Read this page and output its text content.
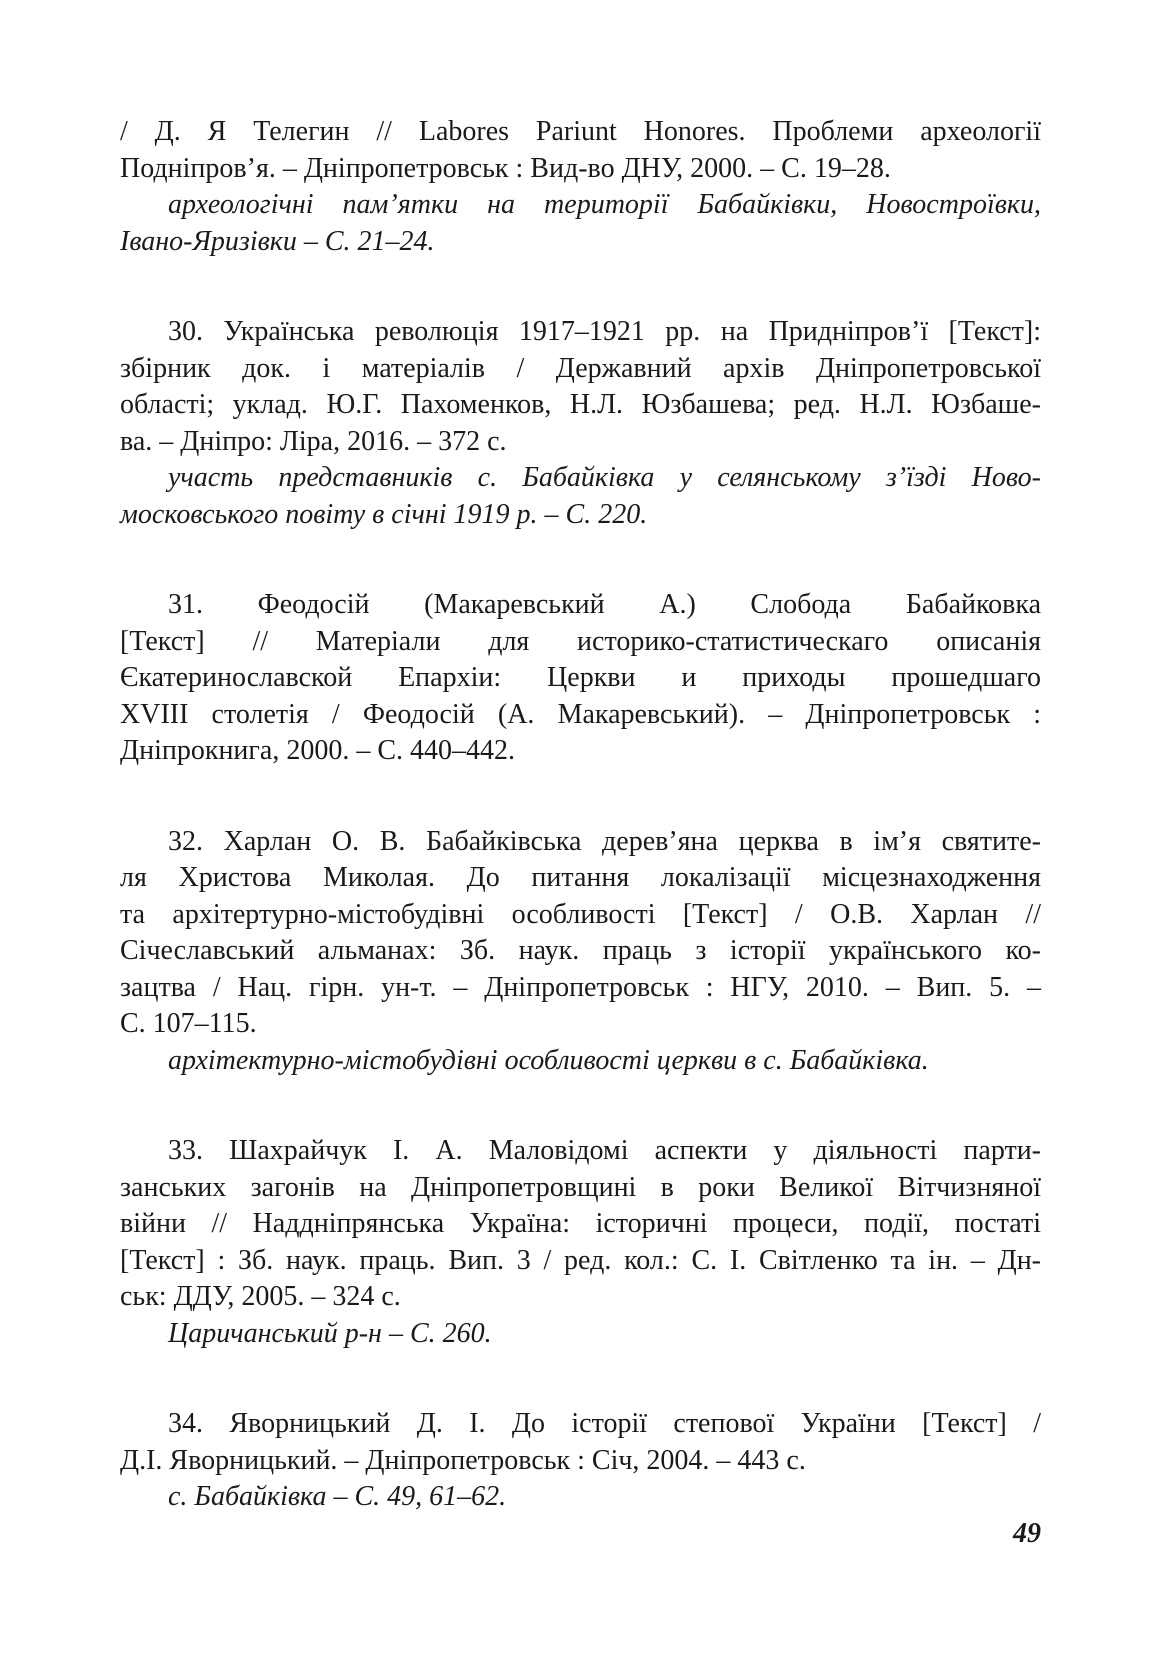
/ Д. Я Телегин // Labores Pariunt Honores. Проблеми археології
Подніпров’я. – Дніпропетровськ : Вид-во ДНУ, 2000. – С. 19–28.

археологічні пам’ятки на території Бабайківки, Новостроївки,
Івано-Яризівки – С. 21–24.

30. Українська революція 1917–1921 рр. на Придніпров’ї [Текст]:
збірник док. і матеріалів / Державний архів Дніпропетровської
області; уклад. Ю.Г. Пахоменков, Н.Л. Юзбашева; ред. Н.Л. Юзбаше-
ва. – Дніпро: Ліра, 2016. – 372 с.

участь представників с. Бабайківка у селянському з’їзді Ново-
московського повіту в січні 1919 р. – С. 220.

31. Феодосій (Макаревський А.) Слобода Бабайковка
[Текст] // Матеріали для историко-статистическаго описанія
Єкатеринославской Епархіи: Церкви и приходы прошедшаго
XVIII столетія / Феодосій (А. Макаревський). – Дніпропетровськ :
Дніпрокнига, 2000. – С. 440–442.

32. Харлан О. В. Бабайківська дерев’яна церква в ім’я святите-
ля Христова Миколая. До питання локалізації місцезнаходження
та архітертурно-містобудівні особливості [Текст] / О.В. Харлан //
Січеславський альманах: Зб. наук. праць з історії українського ко-
зацтва / Нац. гірн. ун-т. – Дніпропетровськ : НГУ, 2010. – Вип. 5. –
С. 107–115.

архітектурно-містобудівні особливості церкви в с. Бабайківка.

33. Шахрайчук І. А. Маловідомі аспекти у діяльності парти-
занських загонів на Дніпропетровщині в роки Великої Вітчизняної
війни // Наддніпрянська Україна: історичні процеси, події, постаті
[Текст] : Зб. наук. праць. Вип. 3 / ред. кол.: С. І. Світленко та ін. – Дн-
ськ: ДДУ, 2005. – 324 с.

Царичанський р-н – С. 260.

34. Яворницький Д. І. До історії степової України [Текст] /
Д.І. Яворницький. – Дніпропетровськ : Січ, 2004. – 443 с.

с. Бабайківка – С. 49, 61–62.

49
